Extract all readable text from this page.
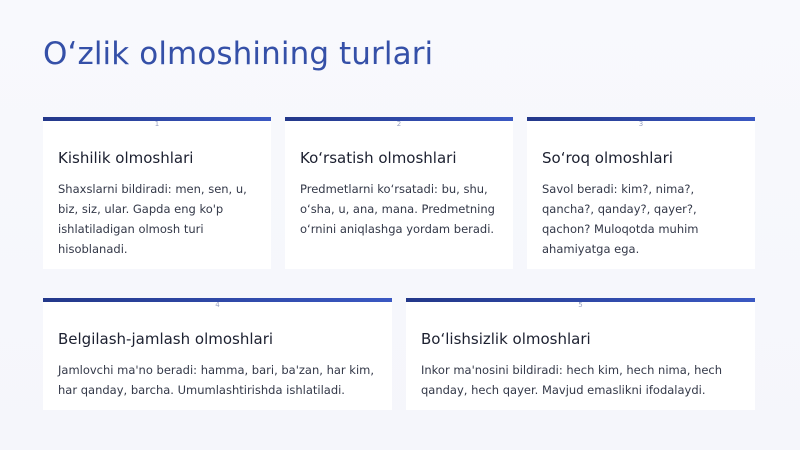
O‘zlik olmoshining turlari
1
Kishilik olmoshlari
Shaxslarni bildiradi: men, sen, u, biz, siz, ular. Gapda eng ko'p ishlatiladigan olmosh turi hisoblanadi.
2
Ko‘rsatish olmoshlari
Predmetlarni ko‘rsatadi: bu, shu, o‘sha, u, ana, mana. Predmetning o‘rnini aniqlashga yordam beradi.
3
So‘roq olmoshlari
Savol beradi: kim?, nima?, qancha?, qanday?, qayer?, qachon? Muloqotda muhim ahamiyatga ega.
4
Belgilash-jamlash olmoshlari
Jamlovchi ma'no beradi: hamma, bari, ba'zan, har kim, har qanday, barcha. Umumlashtirishda ishlatiladi.
5
Bo‘lishsizlik olmoshlari
Inkor ma'nosini bildiradi: hech kim, hech nima, hech qanday, hech qayer. Mavjud emaslikni ifodalaydi.
